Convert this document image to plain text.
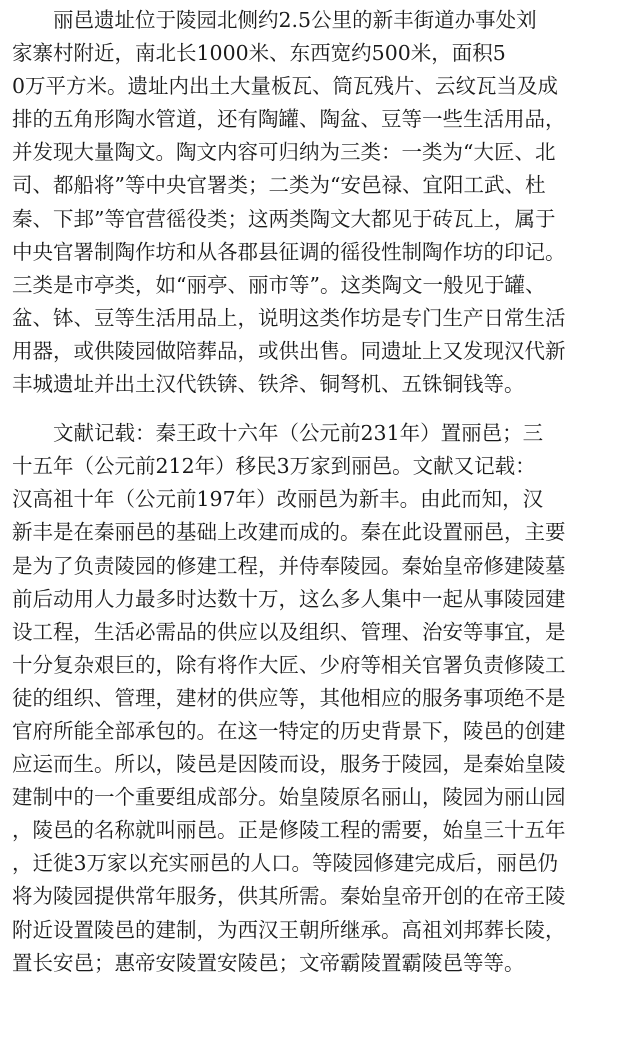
　　丽邑遗址位于陵园北侧约2.5公里的新丰街道办事处刘
家寨村附近，南北长1000米、东西宽约500米，面积5
0万平方米。遗址内出土大量板瓦、筒瓦残片、云纹瓦当及成
排的五角形陶水管道，还有陶罐、陶盆、豆等一些生活用品，
并发现大量陶文。陶文内容可归纳为三类：一类为“大匠、北
司、都船将”等中央官署类；二类为“安邑禄、宜阳工武、杜
秦、下邽”等官营徭役类；这两类陶文大都见于砖瓦上，属于
中央官署制陶作坊和从各郡县征调的徭役性制陶作坊的印记。
三类是市亭类，如“丽亭、丽市等”。这类陶文一般见于罐、
盆、钵、豆等生活用品上，说明这类作坊是专门生产日常生活
用器，或供陵园做陪葬品，或供出售。同遗址上又发现汉代新
丰城遗址并出土汉代铁锛、铁斧、铜弩机、五铢铜钱等。
　　文献记载：秦王政十六年（公元前231年）置丽邑；三
十五年（公元前212年）移民3万家到丽邑。文献又记载：
汉高祖十年（公元前197年）改丽邑为新丰。由此而知，汉
新丰是在秦丽邑的基础上改建而成的。秦在此设置丽邑，主要
是为了负责陵园的修建工程，并侍奉陵园。秦始皇帝修建陵墓
前后动用人力最多时达数十万，这么多人集中一起从事陵园建
设工程，生活必需品的供应以及组织、管理、治安等事宜，是
十分复杂艰巨的，除有将作大匠、少府等相关官署负责修陵工
徒的组织、管理，建材的供应等，其他相应的服务事项绝不是
官府所能全部承包的。在这一特定的历史背景下，陵邑的创建
应运而生。所以，陵邑是因陵而设，服务于陵园，是秦始皇陵
建制中的一个重要组成部分。始皇陵原名丽山，陵园为丽山园
，陵邑的名称就叫丽邑。正是修陵工程的需要，始皇三十五年
，迁徙3万家以充实丽邑的人口。等陵园修建完成后，丽邑仍
将为陵园提供常年服务，供其所需。秦始皇帝开创的在帝王陵
附近设置陵邑的建制，为西汉王朝所继承。高祖刘邦葬长陵，
置长安邑；惠帝安陵置安陵邑；文帝霸陵置霸陵邑等等。
